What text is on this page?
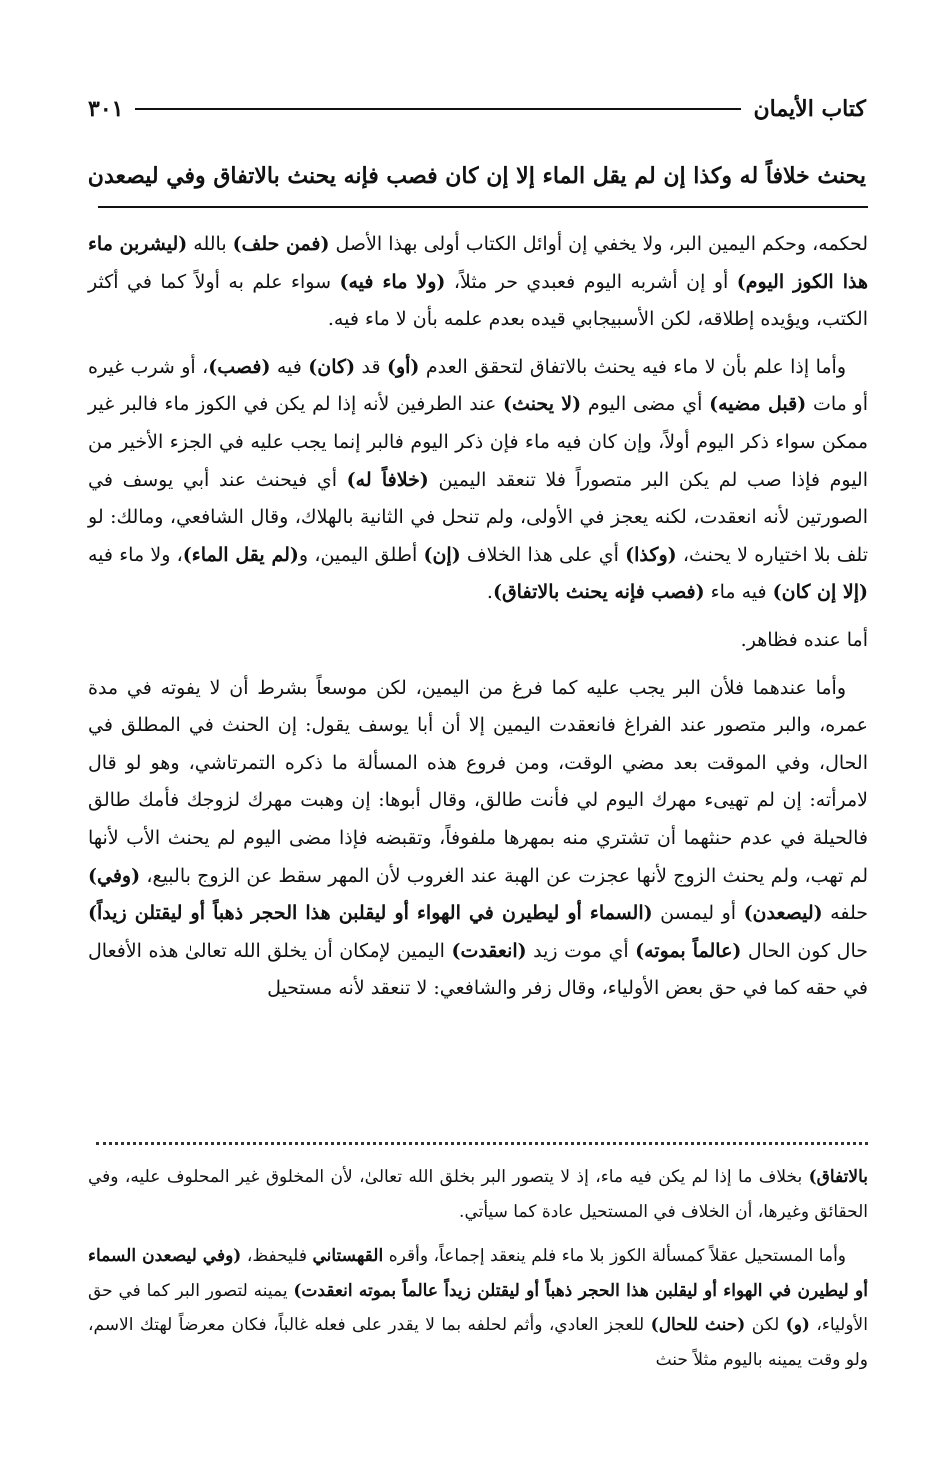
كتاب الأيمان
٣٠١
يحنث خلافاً له وكذا إن لم يقل الماء إلا إن كان فصب فإنه يحنث بالاتفاق وفي ليصعدن

لحكمه، وحكم اليمين البر، ولا يخفي إن أوائل الكتاب أولى بهذا الأصل (فمن حلف) بالله (ليشربن ماء هذا الكوز اليوم) أو إن أشربه اليوم فعبدي حر مثلاً، (ولا ماء فيه) سواء علم به أولاً كما في أكثر الكتب، ويؤيده إطلاقه، لكن الأسبيجابي قيده بعدم علمه بأن لا ماء فيه.

وأما إذا علم بأن لا ماء فيه يحنث بالاتفاق لتحقق العدم (أو) قد (كان) فيه (فصب)، أو شرب غيره أو مات (قبل مضيه) أي مضى اليوم (لا يحنث) عند الطرفين لأنه إذا لم يكن في الكوز ماء فالبر غير ممكن سواء ذكر اليوم أولاً، وإن كان فيه ماء فإن ذكر اليوم فالبر إنما يجب عليه في الجزء الأخير من اليوم فإذا صب لم يكن البر متصوراً فلا تنعقد اليمين (خلافاً له) أي فيحنث عند أبي يوسف في الصورتين لأنه انعقدت، لكنه يعجز في الأولى، ولم تنحل في الثانية بالهلاك، وقال الشافعي، ومالك: لو تلف بلا اختياره لا يحنث، (وكذا) أي على هذا الخلاف (إن) أطلق اليمين، و(لم يقل الماء)، ولا ماء فيه (إلا إن كان) فيه ماء (فصب فإنه يحنث بالاتفاق).

أما عنده فظاهر.

وأما عندهما فلأن البر يجب عليه كما فرغ من اليمين، لكن موسعاً بشرط أن لا يفوته في مدة عمره، والبر متصور عند الفراغ فانعقدت اليمين إلا أن أبا يوسف يقول: إن الحنث في المطلق في الحال، وفي الموقت بعد مضي الوقت، ومن فروع هذه المسألة ما ذكره التمرتاشي، وهو لو قال لامرأته: إن لم تهيىء مهرك اليوم لي فأنت طالق، وقال أبوها: إن وهبت مهرك لزوجك فأمك طالق فالحيلة في عدم حنثهما أن تشتري منه بمهرها ملفوفاً، وتقبضه فإذا مضى اليوم لم يحنث الأب لأنها لم تهب، ولم يحنث الزوج لأنها عجزت عن الهبة عند الغروب لأن المهر سقط عن الزوج بالبيع، (وفي) حلفه (ليصعدن) أو ليمسن (السماء أو ليطيرن في الهواء أو ليقلبن هذا الحجر ذهباً أو ليقتلن زيداً) حال كون الحال (عالماً بموته) أي موت زيد (انعقدت) اليمين لإمكان أن يخلق الله تعالىٰ هذه الأفعال في حقه كما في حق بعض الأولياء، وقال زفر والشافعي: لا تنعقد لأنه مستحيل

بالاتفاق) بخلاف ما إذا لم يكن فيه ماء، إذ لا يتصور البر بخلق الله تعالىٰ، لأن المخلوق غير المحلوف عليه، وفي الحقائق وغيرها، أن الخلاف في المستحيل عادة كما سيأتي.

وأما المستحيل عقلاً كمسألة الكوز بلا ماء فلم ينعقد إجماعاً، وأقره القهستاني فليحفظ، (وفي ليصعدن السماء أو ليطيرن في الهواء أو ليقلبن هذا الحجر ذهباً أو ليقتلن زيداً عالماً بموته انعقدت) يمينه لتصور البر كما في حق الأولياء، (و) لكن (حنث للحال) للعجز العادي، وأثم لحلفه بما لا يقدر على فعله غالباً، فكان معرضاً لهتك الاسم، ولو وقت يمينه باليوم مثلاً حنث
